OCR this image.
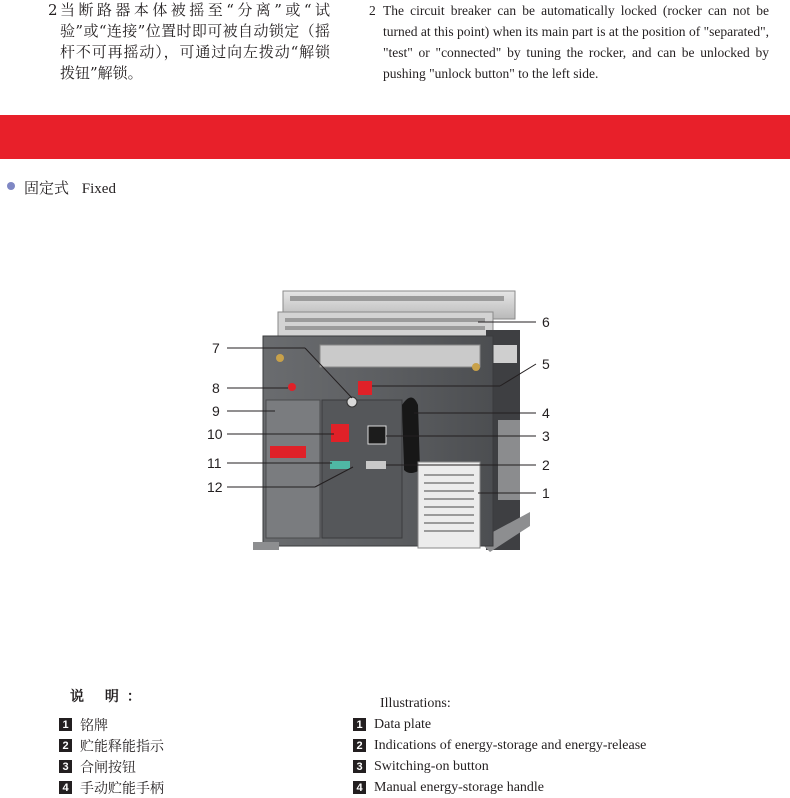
2 当断路器本体被摇至“分离”或“试验”或“连接”位置时即可被自动锁定（摇杆不可再摇动），可通过向左拨动“解锁拨钮”解锁。
2 The circuit breaker can be automatically locked (rocker can not be turned at this point) when its main part is at the position of "separated", "test" or "connected" by tuning the rocker, and can be unlocked by pushing "unlock button" to the left side.
固定式 Fixed
7
8
9
10
11
12
6
5
4
3
2
1
说 明：	Illustrations:
1 铭牌
2 贮能释能指示
3 合闸按钮
4 手动贮能手柄
1 Data plate
2 Indications of energy-storage and energy-release
3 Switching-on button
4 Manual energy-storage handle
